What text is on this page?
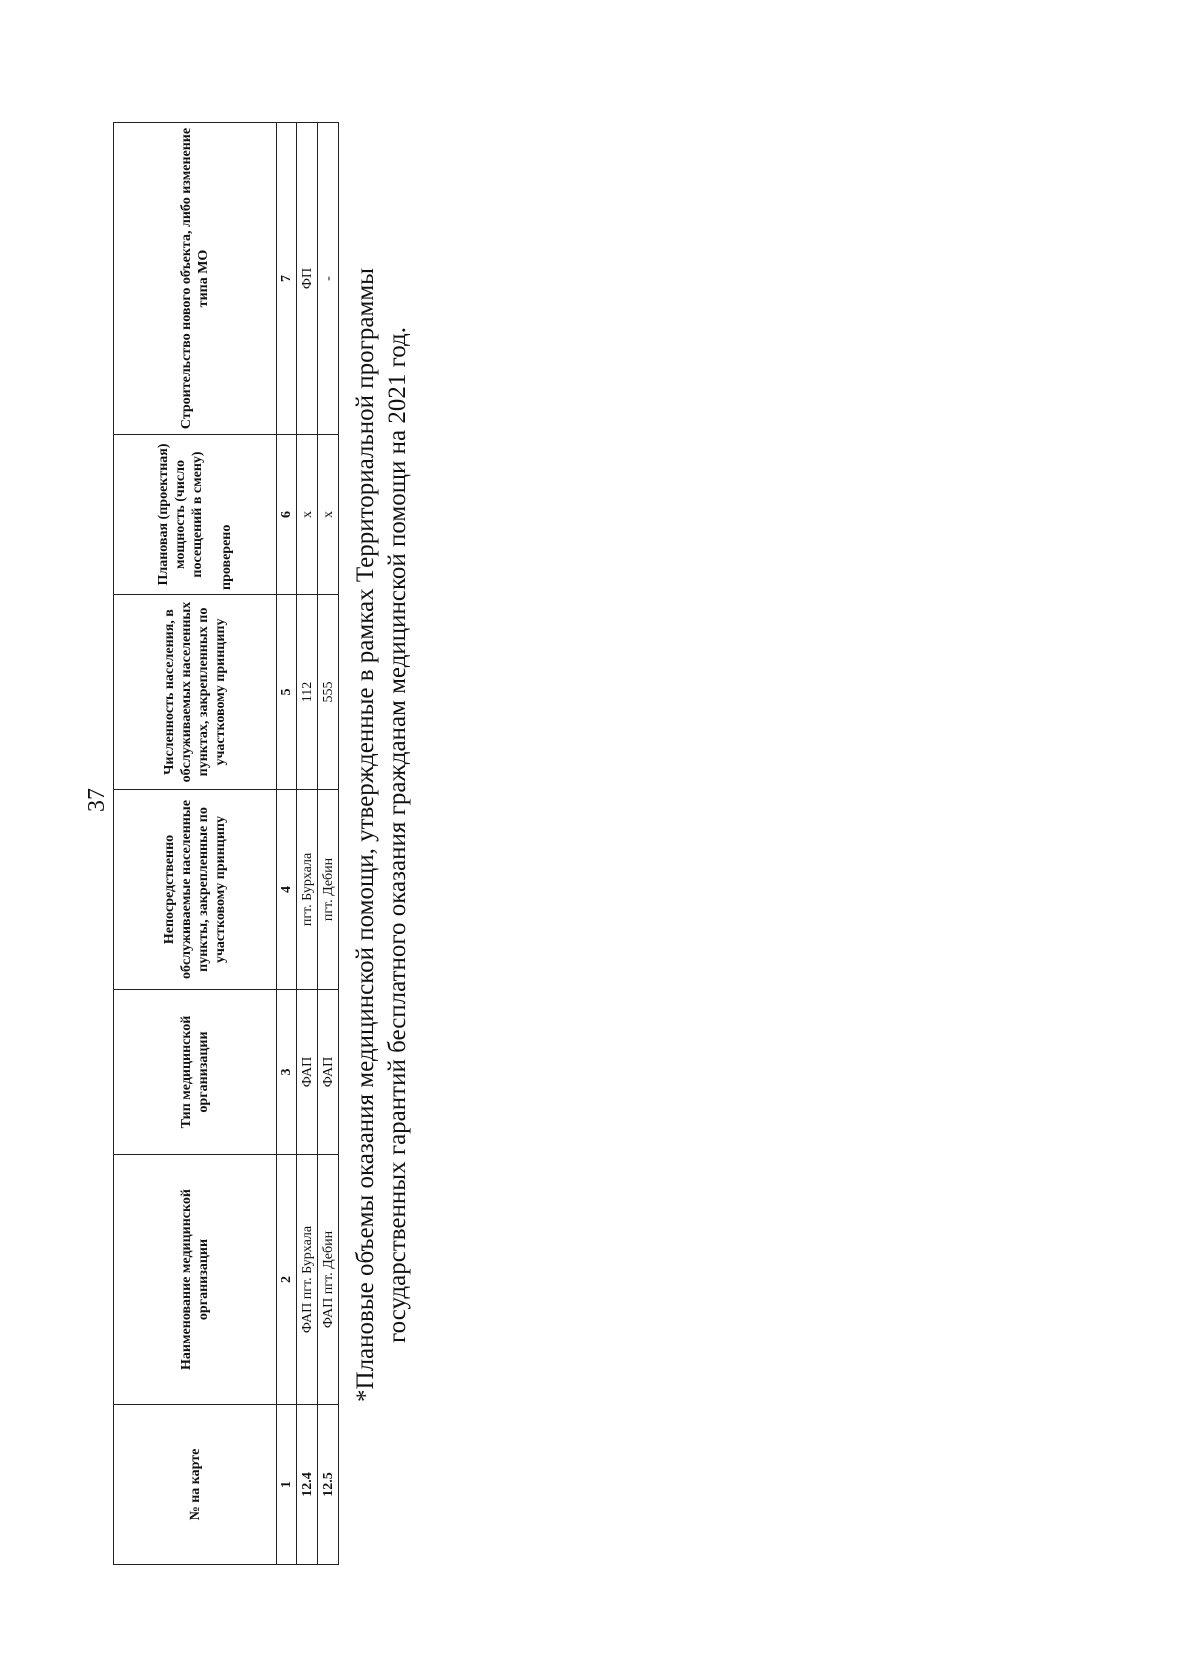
37
№ на карте	Наименование медицинской организации	Тип медицинской организации	Непосредственно обслуживаемые населенные пункты, закрепленные по участковому принципу	Численность населения, в обслуживаемых населенных пунктах, закрепленных по участковому принципу	Плановая (проектная) мощность (число посещений в смену) проверено	Строительство нового объекта, либо изменение типа МО
1	2	3	4	5	6	7
12.4	ФАП пгт. Бурхала	ФАП	пгт. Бурхала	112	х	ФП
12.5	ФАП пгт. Дебин	ФАП	пгт. Дебин	555	х	- *Плановые объемы оказания медицинской помощи, утвержденные в рамках Территориальной программы государственных гарантий бесплатного оказания гражданам медицинской помощи на 2021 год.
